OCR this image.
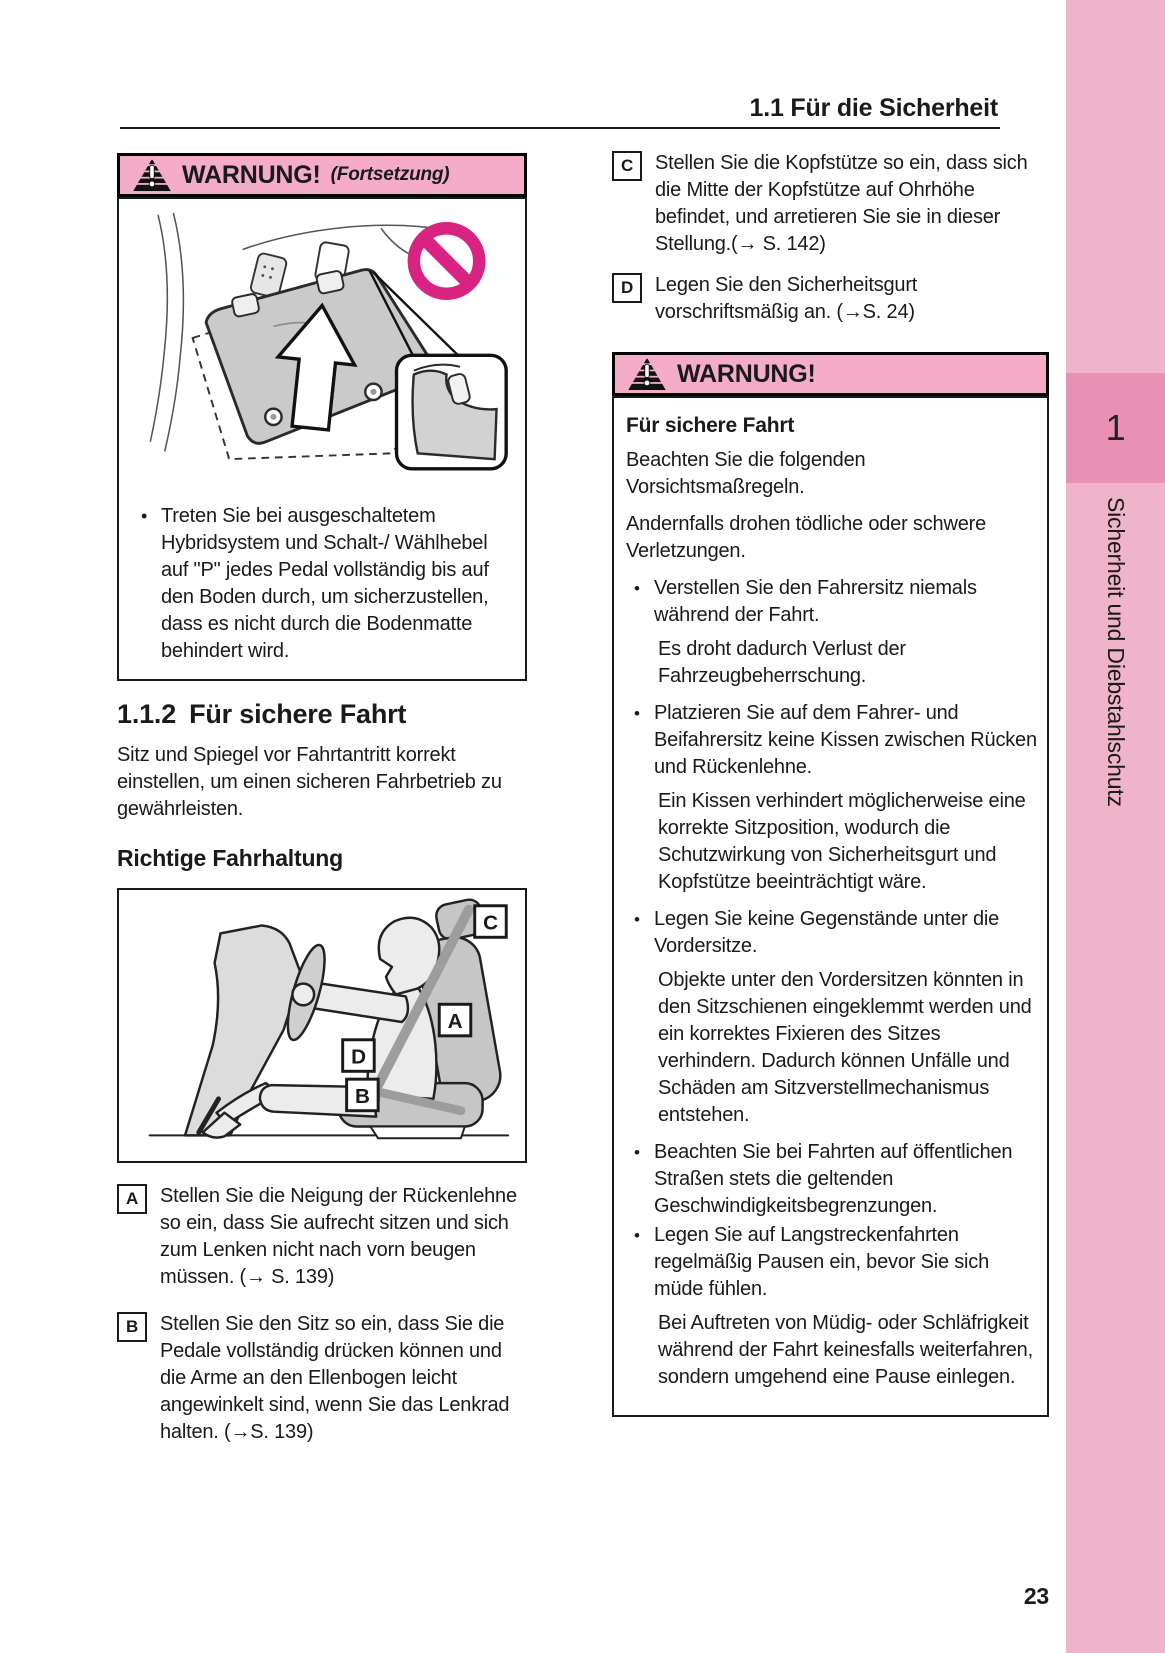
1
Sicherheit und Diebstahlschutz
1.1 Für die Sicherheit
WARNUNG! (Fortsetzung)
• Treten Sie bei ausgeschaltetem Hybridsystem und Schalt-/ Wählhebel auf "P" jedes Pedal vollständig bis auf den Boden durch, um sicherzustellen, dass es nicht durch die Bodenmatte behindert wird.
1.1.2 Für sichere Fahrt

Sitz und Spiegel vor Fahrtantritt korrekt einstellen, um einen sicheren Fahrbetrieb zu gewährleisten.

Richtige Fahrhaltung
C
A
D
B
A	Stellen Sie die Neigung der Rückenlehne so ein, dass Sie aufrecht sitzen und sich zum Lenken nicht nach vorn beugen müssen. (→ S. 139)
B	Stellen Sie den Sitz so ein, dass Sie die Pedale vollständig drücken können und die Arme an den Ellenbogen leicht angewinkelt sind, wenn Sie das Lenkrad halten. (→S. 139)
C	Stellen Sie die Kopfstütze so ein, dass sich die Mitte der Kopfstütze auf Ohrhöhe befindet, und arretieren Sie sie in dieser Stellung.(→ S. 142)
D	Legen Sie den Sicherheitsgurt vorschriftsmäßig an. (→S. 24)
WARNUNG!
Für sichere Fahrt
Beachten Sie die folgenden Vorsichtsmaßregeln.
Andernfalls drohen tödliche oder schwere Verletzungen.
• Verstellen Sie den Fahrersitz niemals während der Fahrt.
Es droht dadurch Verlust der Fahrzeugbeherrschung.
• Platzieren Sie auf dem Fahrer- und Beifahrersitz keine Kissen zwischen Rücken und Rückenlehne.
Ein Kissen verhindert möglicherweise eine korrekte Sitzposition, wodurch die Schutzwirkung von Sicherheitsgurt und Kopfstütze beeinträchtigt wäre.
• Legen Sie keine Gegenstände unter die Vordersitze.
Objekte unter den Vordersitzen könnten in den Sitzschienen eingeklemmt werden und ein korrektes Fixieren des Sitzes verhindern. Dadurch können Unfälle und Schäden am Sitzverstellmechanismus entstehen.
• Beachten Sie bei Fahrten auf öffentlichen Straßen stets die geltenden Geschwindigkeitsbegrenzungen.
• Legen Sie auf Langstreckenfahrten regelmäßig Pausen ein, bevor Sie sich müde fühlen.
Bei Auftreten von Müdig- oder Schläfrigkeit während der Fahrt keinesfalls weiterfahren, sondern umgehend eine Pause einlegen.
23
